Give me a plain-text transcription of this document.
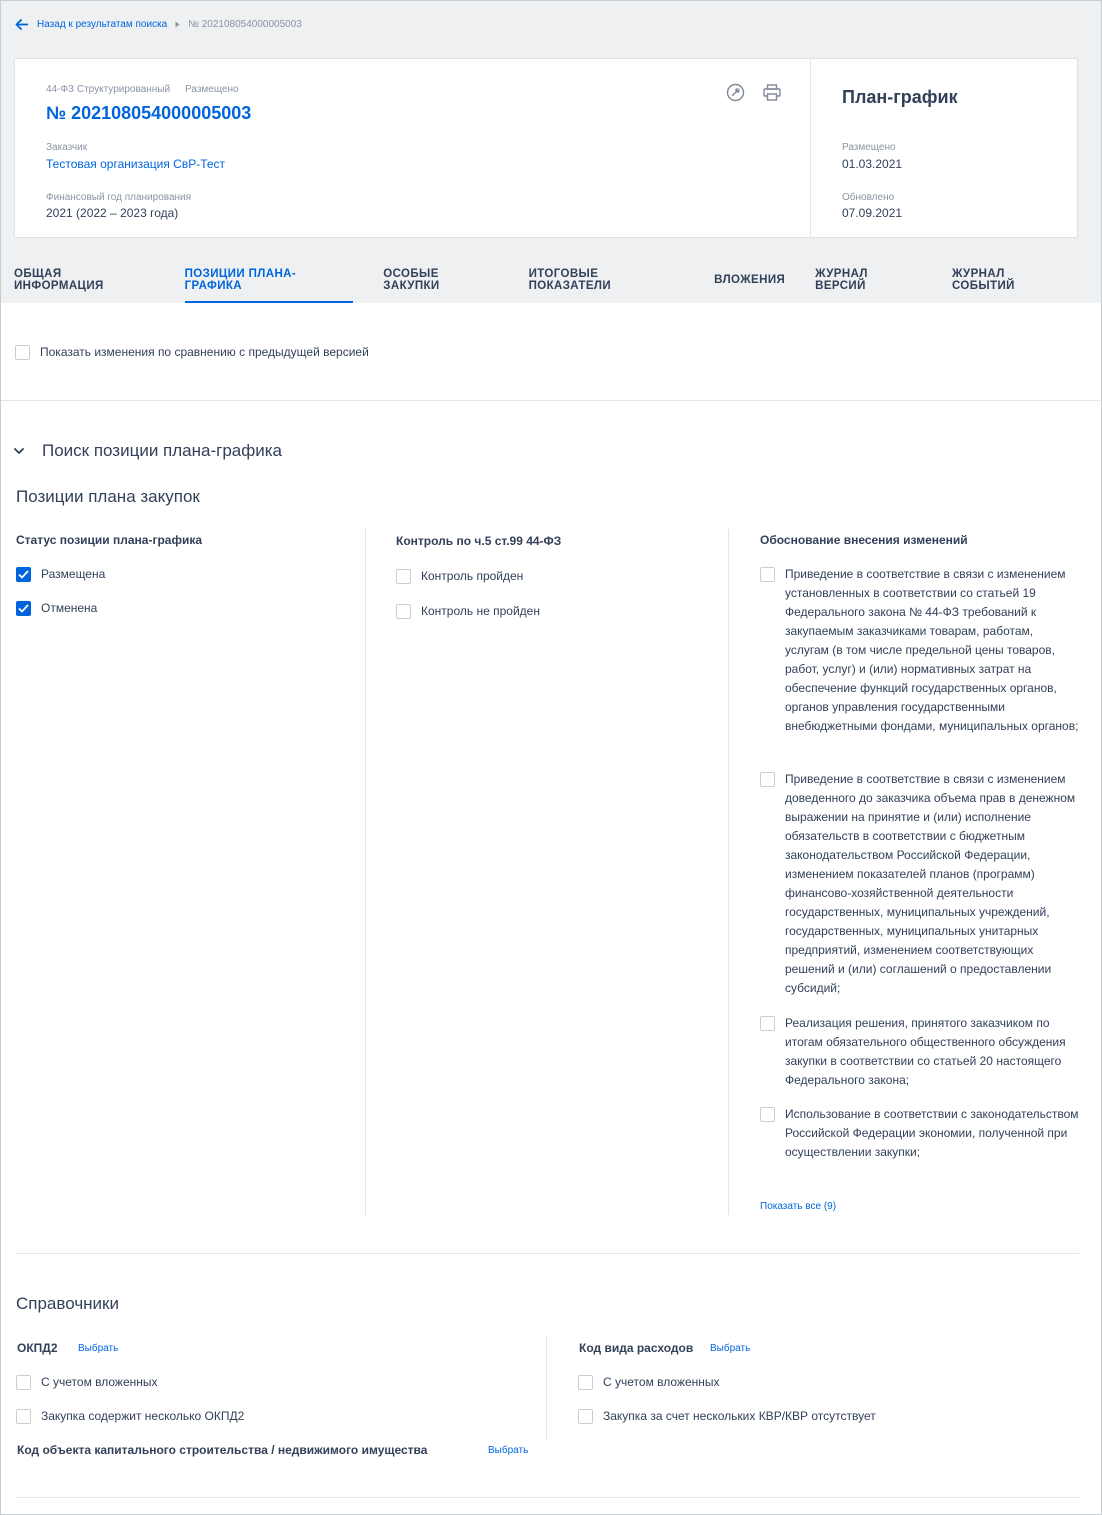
Назад к результатам поиска № 202108054000005003
44-ФЗ Структурированный Размещено
№ 202108054000005003
Заказчик
Тестовая организация СвР-Тест
Финансовый год планирования
2021 (2022 – 2023 года)
План-график
Размещено
01.03.2021
Обновлено
07.09.2021
ОБЩАЯ ИНФОРМАЦИЯ
ПОЗИЦИИ ПЛАНА-ГРАФИКА
ОСОБЫЕ ЗАКУПКИ
ИТОГОВЫЕ ПОКАЗАТЕЛИ	ВЛОЖЕНИЯ	ЖУРНАЛ ВЕРСИЙ
ЖУРНАЛ СОБЫТИЙ
Показать изменения по сравнению с предыдущей версией
Поиск позиции плана-графика
Позиции плана закупок
Статус позиции плана-графика
Размещена
Отменена
Контроль по ч.5 ст.99 44-ФЗ
Контроль пройден
Контроль не пройден
Обоснование внесения изменений
Приведение в соответствие в связи с изменением установленных в соответствии со статьей 19 Федерального закона № 44-ФЗ требований к закупаемым заказчиками товарам, работам, услугам (в том числе предельной цены товаров, работ, услуг) и (или) нормативных затрат на обеспечение функций государственных органов, органов управления государственными внебюджетными фондами, муниципальных органов;
Приведение в соответствие в связи с изменением доведенного до заказчика объема прав в денежном выражении на принятие и (или) исполнение обязательств в соответствии с бюджетным законодательством Российской Федерации, изменением показателей планов (программ) финансово-хозяйственной деятельности государственных, муниципальных учреждений, государственных, муниципальных унитарных предприятий, изменением соответствующих решений и (или) соглашений о предоставлении субсидий;
Реализация решения, принятого заказчиком по итогам обязательного общественного обсуждения закупки в соответствии со статьей 20 настоящего Федерального закона;
Использование в соответствии с законодательством Российской Федерации экономии, полученной при осуществлении закупки;
Показать все (9)
Справочники
ОКПД2 Выбрать
С учетом вложенных
Закупка содержит несколько ОКПД2
Код объекта капитального строительства / недвижимого имущества	Выбрать
Код вида расходов Выбрать
С учетом вложенных
Закупка за счет нескольких КВР/КВР отсутствует
